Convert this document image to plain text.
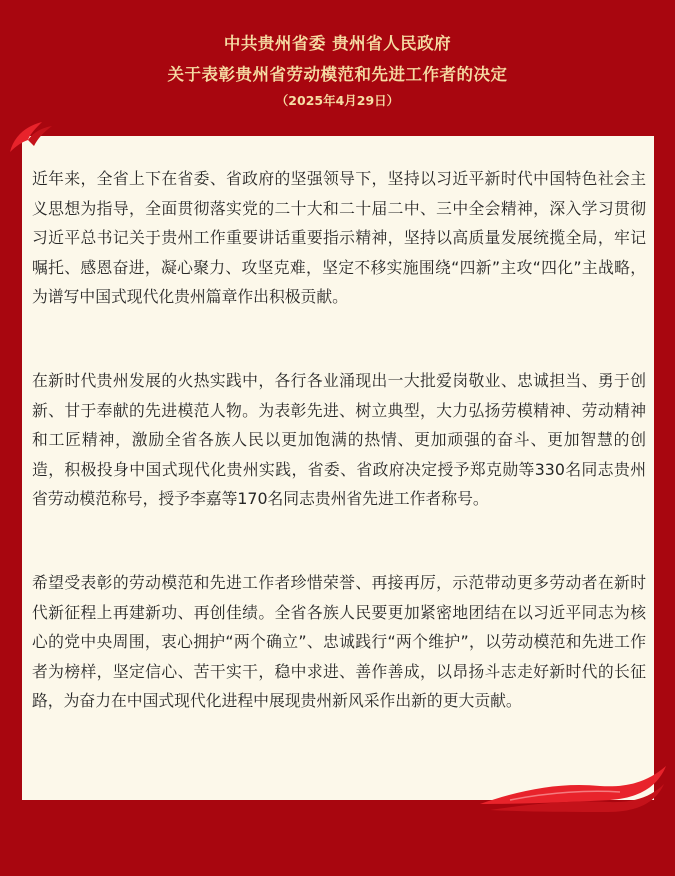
中共贵州省委 贵州省人民政府
关于表彰贵州省劳动模范和先进工作者的决定
（2025年4月29日）

近年来，全省上下在省委、省政府的坚强领导下，坚持以习近平新时代中国特色社会主义思想为指导，全面贯彻落实党的二十大和二十届二中、三中全会精神，深入学习贯彻习近平总书记关于贵州工作重要讲话重要指示精神，坚持以高质量发展统揽全局，牢记嘱托、感恩奋进，凝心聚力、攻坚克难，坚定不移实施围绕“四新”主攻“四化”主战略，为谱写中国式现代化贵州篇章作出积极贡献。

在新时代贵州发展的火热实践中，各行各业涌现出一大批爱岗敬业、忠诚担当、勇于创新、甘于奉献的先进模范人物。为表彰先进、树立典型，大力弘扬劳模精神、劳动精神和工匠精神，激励全省各族人民以更加饱满的热情、更加顽强的奋斗、更加智慧的创造，积极投身中国式现代化贵州实践，省委、省政府决定授予郑克勋等330名同志贵州省劳动模范称号，授予李嘉等170名同志贵州省先进工作者称号。

希望受表彰的劳动模范和先进工作者珍惜荣誉、再接再厉，示范带动更多劳动者在新时代新征程上再建新功、再创佳绩。全省各族人民要更加紧密地团结在以习近平同志为核心的党中央周围，衷心拥护“两个确立”、忠诚践行“两个维护”，以劳动模范和先进工作者为榜样，坚定信心、苦干实干，稳中求进、善作善成，以昂扬斗志走好新时代的长征路，为奋力在中国式现代化进程中展现贵州新风采作出新的更大贡献。
